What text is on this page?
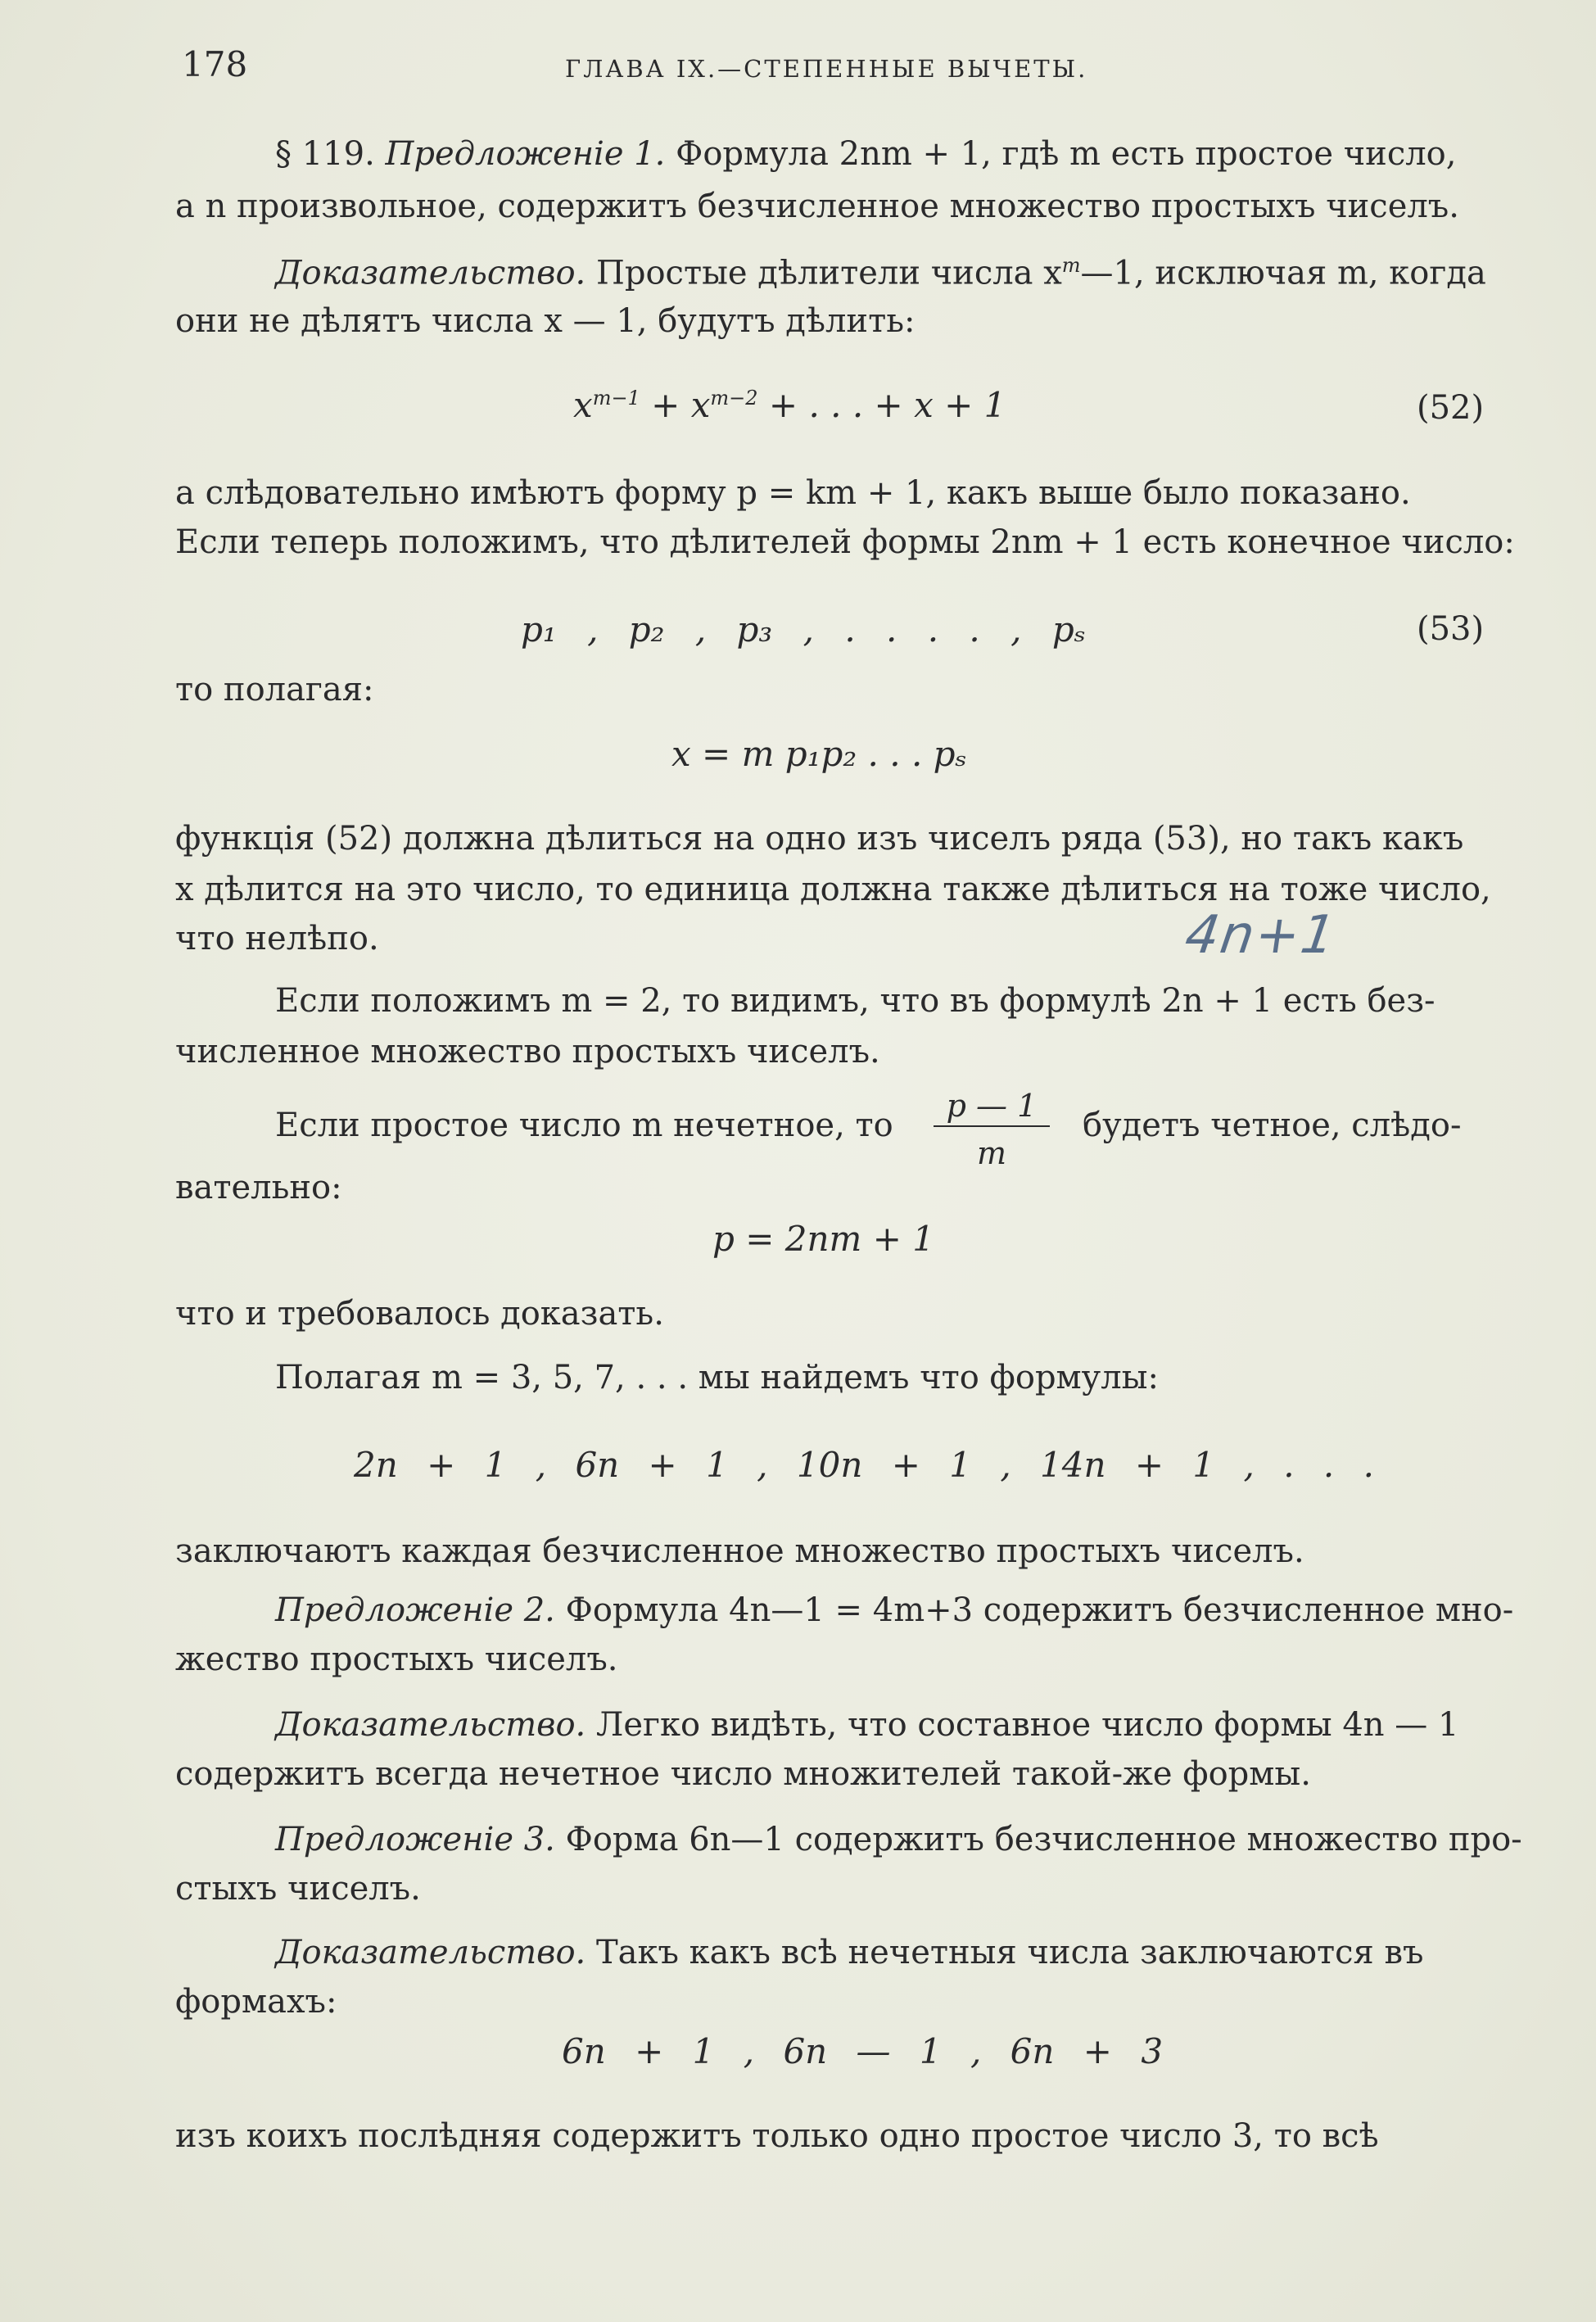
178	ГЛАВА IX.—СТЕПЕННЫЕ ВЫЧЕТЫ.
§ 119. Предложеніе 1. Формула 2nm + 1, гдѣ m есть простое число,
а n произвольное, содержитъ безчисленное множество простыхъ чиселъ.
Доказательство. Простые дѣлители числа $x^m—1$, исключая m, когда
они не дѣлятъ числа x — 1, будутъ дѣлить:
$x^{m-1} + x^{m-2}$ + . . . + x + 1	(52)
а слѣдовательно имѣютъ форму p = km + 1, какъ выше было показано.
Если теперь положимъ, что дѣлителей формы 2nm + 1 есть конечное число:
p₁ , p₂ , p₃ , . . . . , pₛ	(53)
то полагая:
x = m p₁p₂ . . . pₛ
функція (52) должна дѣлиться на одно изъ чиселъ ряда (53), но такъ какъ
x дѣлится на это число, то единица должна также дѣлиться на тоже число,
что нелѣпо.	4n+1
Если положимъ m = 2, то видимъ, что въ формулѣ 2n + 1 есть без-
численное множество простыхъ чиселъ.
Если простое число m нечетное, то
p — 1
m
будетъ четное, слѣдо-
вательно:
p = 2nm + 1
что и требовалось доказать.
Полагая m = 3, 5, 7, . . . мы найдемъ что формулы:
2n + 1 , 6n + 1 , 10n + 1 , 14n + 1 , . . .
заключаютъ каждая безчисленное множество простыхъ чиселъ.
Предложеніе 2. Формула 4n—1 = 4m+3 содержитъ безчисленное мно-
жество простыхъ чиселъ.
Доказательство. Легко видѣть, что составное число формы 4n — 1
содержитъ всегда нечетное число множителей такой-же формы.
Предложеніе 3. Форма 6n—1 содержитъ безчисленное множество про-
стыхъ чиселъ.
Доказательство. Такъ какъ всѣ нечетныя числа заключаются въ
формахъ:
6n + 1 , 6n — 1 , 6n + 3
изъ коихъ послѣдняя содержитъ только одно простое число 3, то всѣ
